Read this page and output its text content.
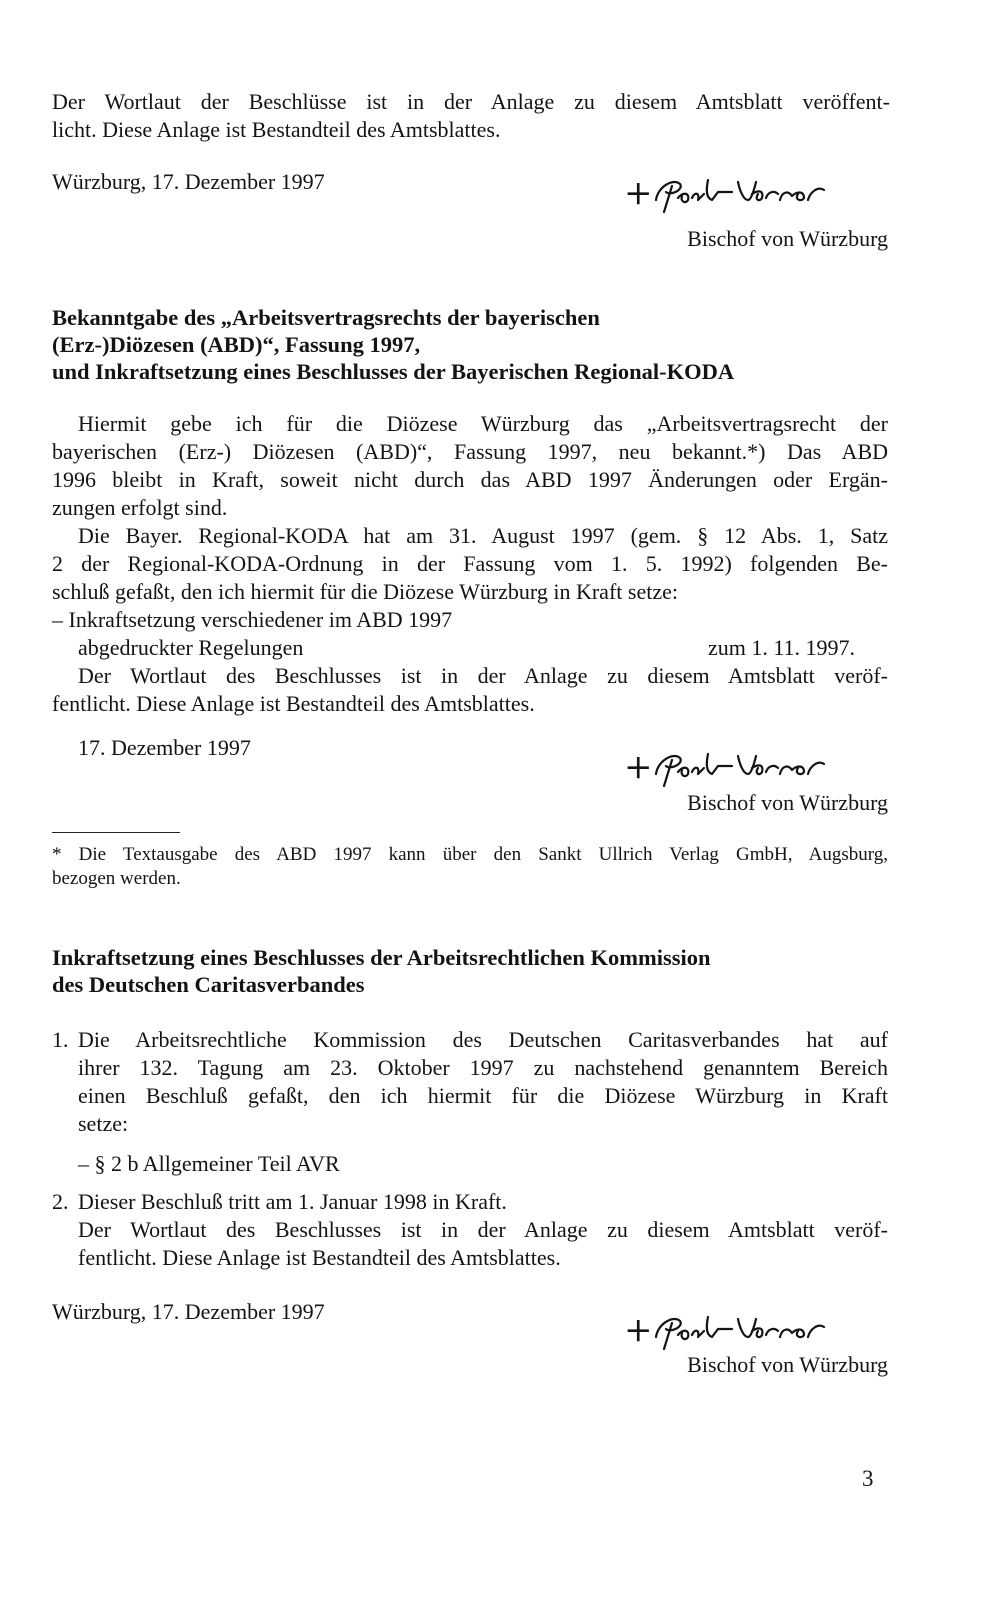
Der Wortlaut der Beschlüsse ist in der Anlage zu diesem Amtsblatt veröffent-
licht. Diese Anlage ist Bestandteil des Amtsblattes.
Würzburg, 17. Dezember 1997	+
Bischof von Würzburg
Bekanntgabe des „Arbeitsvertragsrechts der bayerischen
(Erz-)Diözesen (ABD)“, Fassung 1997,
und Inkraftsetzung eines Beschlusses der Bayerischen Regional-KODA
Hiermit gebe ich für die Diözese Würzburg das „Arbeitsvertragsrecht der
bayerischen (Erz-) Diözesen (ABD)“, Fassung 1997, neu bekannt.*) Das ABD
1996 bleibt in Kraft, soweit nicht durch das ABD 1997 Änderungen oder Ergän-
zungen erfolgt sind.
Die Bayer. Regional-KODA hat am 31. August 1997 (gem. § 12 Abs. 1, Satz
2 der Regional-KODA-Ordnung in der Fassung vom 1. 5. 1992) folgenden Be-
schluß gefaßt, den ich hiermit für die Diözese Würzburg in Kraft setze:
– Inkraftsetzung verschiedener im ABD 1997
abgedruckter Regelungen	zum 1. 11. 1997.
Der Wortlaut des Beschlusses ist in der Anlage zu diesem Amtsblatt veröf-
fentlicht. Diese Anlage ist Bestandteil des Amtsblattes.
17. Dezember 1997	+
Bischof von Würzburg
* Die Textausgabe des ABD 1997 kann über den Sankt Ullrich Verlag GmbH, Augsburg,
bezogen werden.
Inkraftsetzung eines Beschlusses der Arbeitsrechtlichen Kommission
des Deutschen Caritasverbandes
1. Die Arbeitsrechtliche Kommission des Deutschen Caritasverbandes hat auf
ihrer 132. Tagung am 23. Oktober 1997 zu nachstehend genanntem Bereich
einen Beschluß gefaßt, den ich hiermit für die Diözese Würzburg in Kraft
setze:
– § 2 b Allgemeiner Teil AVR
2. Dieser Beschluß tritt am 1. Januar 1998 in Kraft.
Der Wortlaut des Beschlusses ist in der Anlage zu diesem Amtsblatt veröf-
fentlicht. Diese Anlage ist Bestandteil des Amtsblattes.
Würzburg, 17. Dezember 1997	+
Bischof von Würzburg
3
